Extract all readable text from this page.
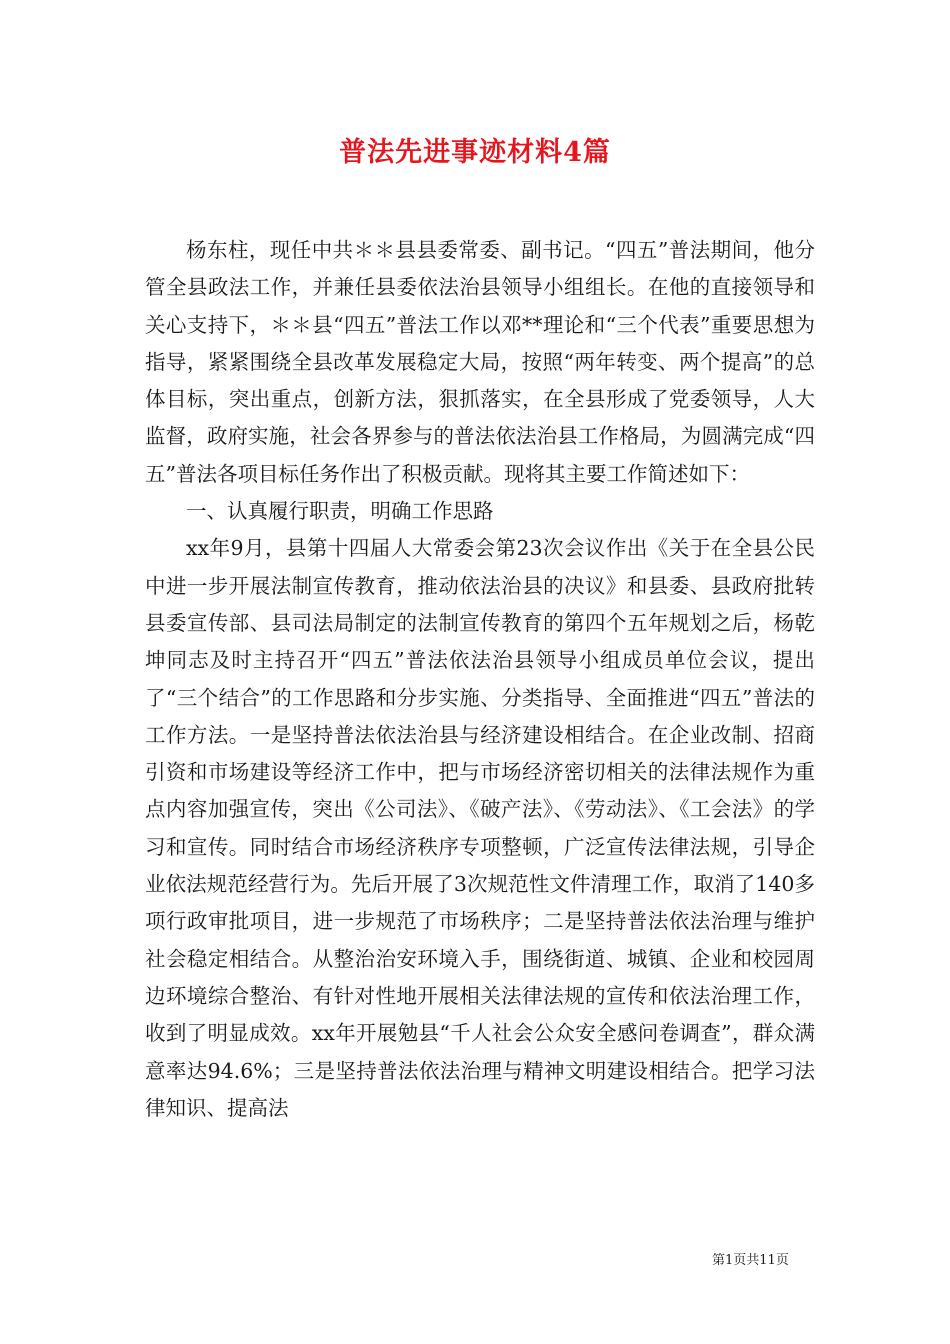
普法先进事迹材料4篇

杨东柱，现任中共＊＊县县委常委、副书记。“四五”普法期间，他分管全县政法工作，并兼任县委依法治县领导小组组长。在他的直接领导和关心支持下，＊＊县“四五”普法工作以邓**理论和“三个代表”重要思想为指导，紧紧围绕全县改革发展稳定大局，按照“两年转变、两个提高”的总体目标，突出重点，创新方法，狠抓落实，在全县形成了党委领导，人大监督，政府实施，社会各界参与的普法依法治县工作格局，为圆满完成“四五”普法各项目标任务作出了积极贡献。现将其主要工作简述如下：

一、认真履行职责，明确工作思路

xx年9月，县第十四届人大常委会第23次会议作出《关于在全县公民中进一步开展法制宣传教育，推动依法治县的决议》和县委、县政府批转县委宣传部、县司法局制定的法制宣传教育的第四个五年规划之后，杨乾坤同志及时主持召开“四五”普法依法治县领导小组成员单位会议，提出了“三个结合”的工作思路和分步实施、分类指导、全面推进“四五”普法的工作方法。一是坚持普法依法治县与经济建设相结合。在企业改制、招商引资和市场建设等经济工作中，把与市场经济密切相关的法律法规作为重点内容加强宣传，突出《公司法》、《破产法》、《劳动法》、《工会法》的学习和宣传。同时结合市场经济秩序专项整顿，广泛宣传法律法规，引导企业依法规范经营行为。先后开展了3次规范性文件清理工作，取消了140多项行政审批项目，进一步规范了市场秩序；二是坚持普法依法治理与维护社会稳定相结合。从整治治安环境入手，围绕街道、城镇、企业和校园周边环境综合整治、有针对性地开展相关法律法规的宣传和依法治理工作，收到了明显成效。xx年开展勉县“千人社会公众安全感问卷调查”，群众满意率达94.6%；三是坚持普法依法治理与精神文明建设相结合。把学习法律知识、提高法

第1页共11页
